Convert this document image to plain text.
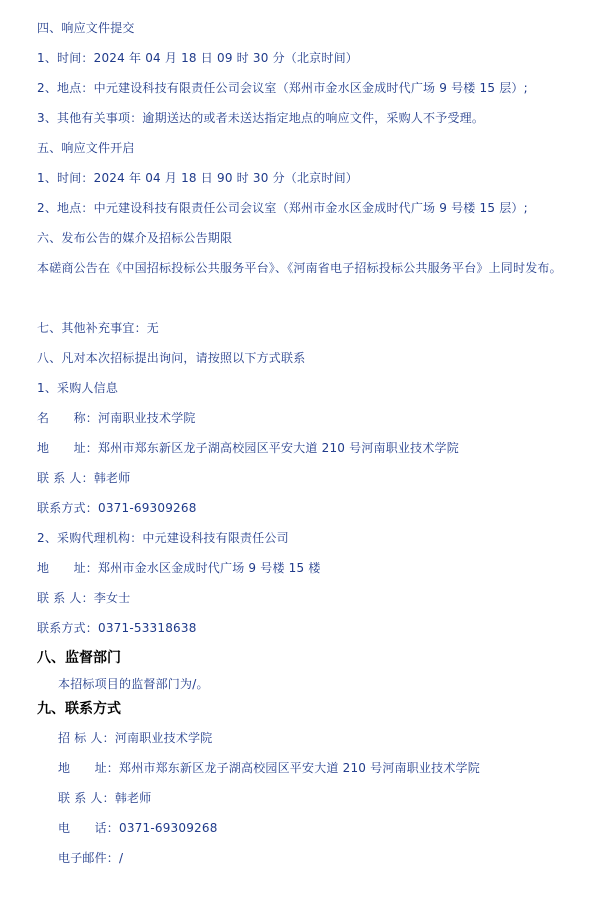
四、响应文件提交
1、时间：2024 年 04 月 18 日 09 时 30 分（北京时间）
2、地点：中元建设科技有限责任公司会议室（郑州市金水区金成时代广场 9 号楼 15 层）;
3、其他有关事项：逾期送达的或者未送达指定地点的响应文件，采购人不予受理。
五、响应文件开启
1、时间：2024 年 04 月 18 日 90 时 30 分（北京时间）
2、地点：中元建设科技有限责任公司会议室（郑州市金水区金成时代广场 9 号楼 15 层）;
六、发布公告的媒介及招标公告期限
本磋商公告在《中国招标投标公共服务平台》、《河南省电子招标投标公共服务平台》上同时发布。
七、其他补充事宜：无
八、凡对本次招标提出询问，请按照以下方式联系
1、采购人信息
名　　称：河南职业技术学院
地　　址：郑州市郑东新区龙子湖高校园区平安大道 210 号河南职业技术学院
联 系 人：韩老师
联系方式：0371-69309268
2、采购代理机构：中元建设科技有限责任公司
地　　址：郑州市金水区金成时代广场 9 号楼 15 楼
联 系 人：李女士
联系方式：0371-53318638
八、监督部门
本招标项目的监督部门为/。
九、联系方式
招 标 人：河南职业技术学院
地　　址：郑州市郑东新区龙子湖高校园区平安大道 210 号河南职业技术学院
联 系 人：韩老师
电　　话：0371-69309268
电子邮件：/
